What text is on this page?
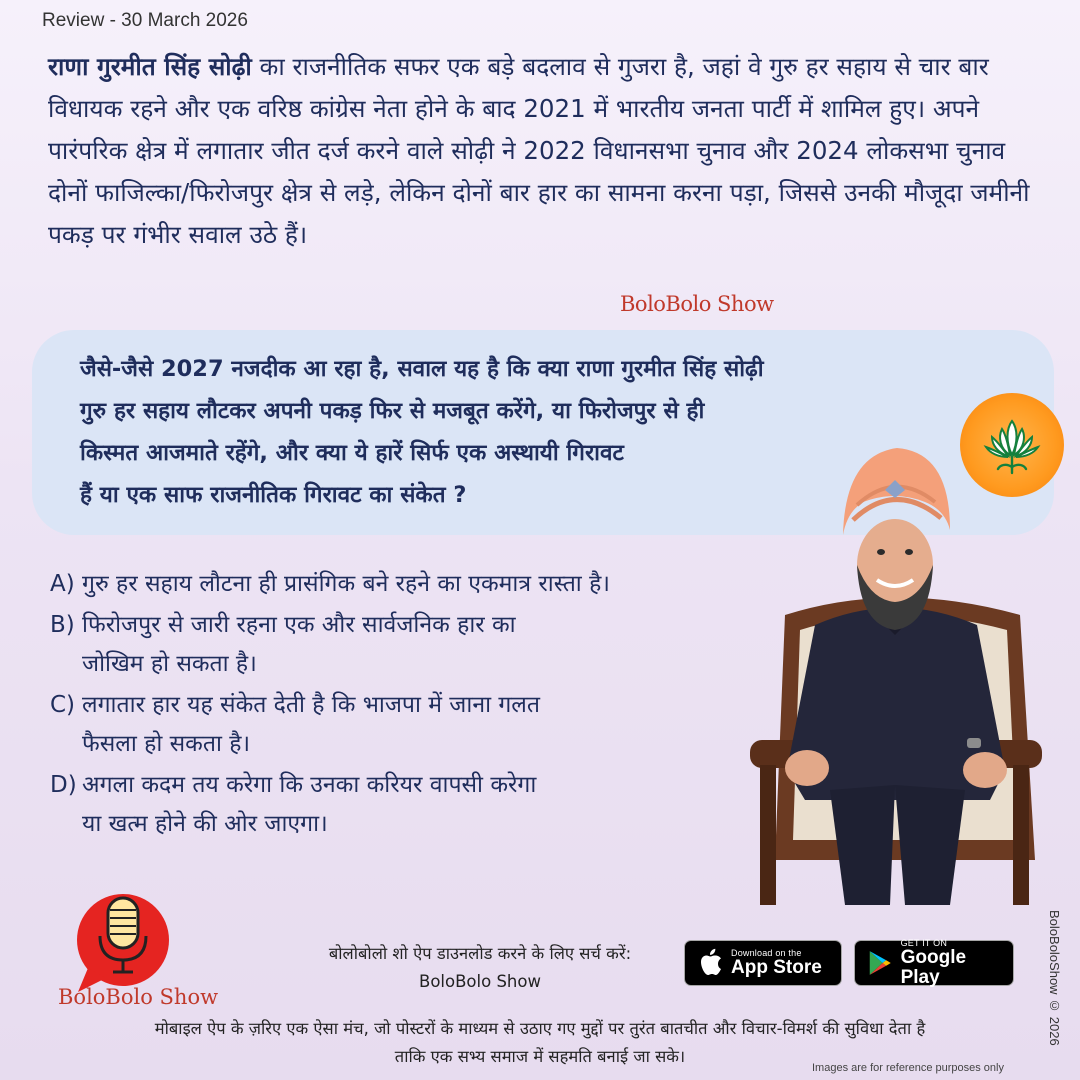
Review - 30 March 2026

राणा गुरमीत सिंह सोढ़ी का राजनीतिक सफर एक बड़े बदलाव से गुजरा है, जहां वे गुरु हर सहाय से चार बार विधायक रहने और एक वरिष्ठ कांग्रेस नेता होने के बाद 2021 में भारतीय जनता पार्टी में शामिल हुए। अपने पारंपरिक क्षेत्र में लगातार जीत दर्ज करने वाले सोढ़ी ने 2022 विधानसभा चुनाव और 2024 लोकसभा चुनाव दोनों फाजिल्का/फिरोजपुर क्षेत्र से लड़े, लेकिन दोनों बार हार का सामना करना पड़ा, जिससे उनकी मौजूदा जमीनी पकड़ पर गंभीर सवाल उठे हैं।

BoloBolo Show
जैसे-जैसे 2027 नजदीक आ रहा है, सवाल यह है कि क्या राणा गुरमीत सिंह सोढ़ी
गुरु हर सहाय लौटकर अपनी पकड़ फिर से मजबूत करेंगे, या फिरोजपुर से ही
किस्मत आजमाते रहेंगे, और क्या ये हारें सिर्फ एक अस्थायी गिरावट
हैं या एक साफ राजनीतिक गिरावट का संकेत ?
A) गुरु हर सहाय लौटना ही प्रासंगिक बने रहने का एकमात्र रास्ता है।
B) फिरोजपुर से जारी रहना एक और सार्वजनिक हार का
जोखिम हो सकता है।
C) लगातार हार यह संकेत देती है कि भाजपा में जाना गलत
फैसला हो सकता है।
D) अगला कदम तय करेगा कि उनका करियर वापसी करेगा
या खत्म होने की ओर जाएगा।
BoloBolo Show
बोलोबोलो शो ऐप डाउनलोड करने के लिए सर्च करें:
BoloBolo Show
Download on the
App Store
GET IT ON
Google Play	BoloBoloShow © 2026
मोबाइल ऐप के ज़रिए एक ऐसा मंच, जो पोस्टरों के माध्यम से उठाए गए मुद्दों पर तुरंत बातचीत और विचार-विमर्श की सुविधा देता है
ताकि एक सभ्य समाज में सहमति बनाई जा सके।
Images are for reference purposes only
